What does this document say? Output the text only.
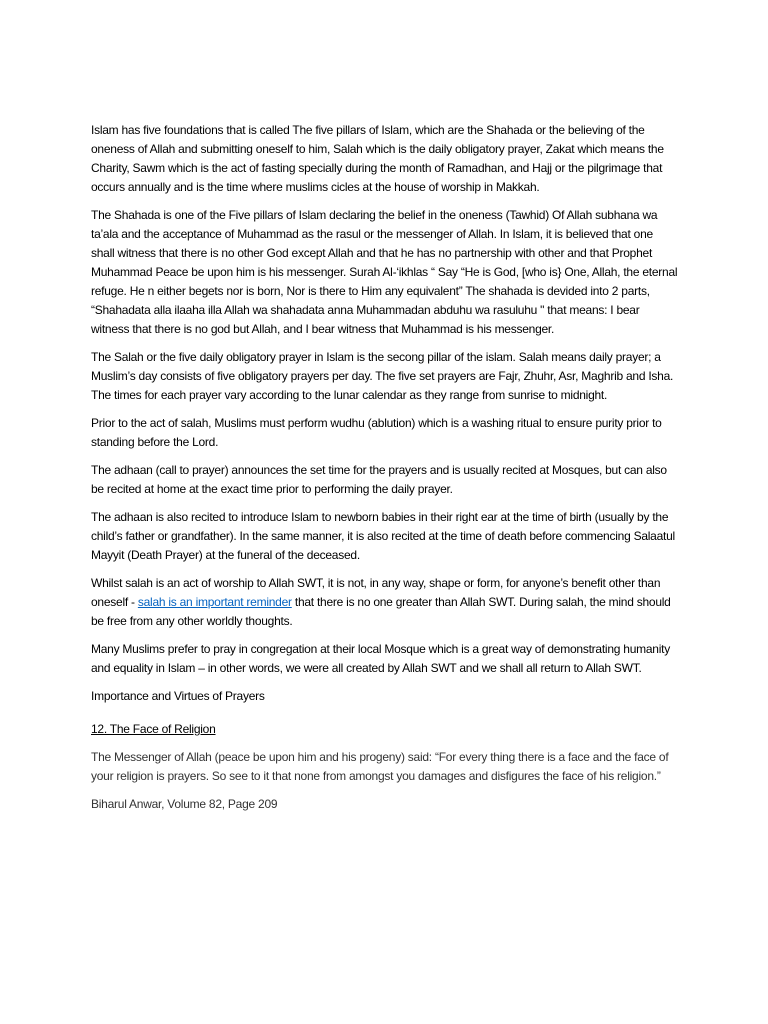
Islam has five foundations that is called The five pillars of Islam, which are the Shahada or the believing of the oneness of Allah and submitting oneself to him, Salah which is the daily obligatory prayer, Zakat which means the Charity, Sawm which is the act of fasting specially during the month of Ramadhan, and Hajj or the pilgrimage that occurs annually and is the time where muslims cicles at the house of worship in Makkah.

The Shahada is one of the Five pillars of Islam declaring the belief in the oneness (Tawhid) Of Allah subhana wa ta’ala and the acceptance of Muhammad as the rasul or the messenger of Allah. In Islam, it is believed that one shall witness that there is no other God except Allah and that he has no partnership with other and that Prophet Muhammad Peace be upon him is his messenger. Surah Al-‘ikhlas “ Say “He is God, [who is} One, Allah, the eternal refuge. He n either begets nor is born, Nor is there to Him any equivalent” The shahada is devided into 2 parts, “Shahadata alla ilaaha illa Allah wa shahadata anna Muhammadan abduhu wa rasuluhu " that means: I bear witness that there is no god but Allah, and I bear witness that Muhammad is his messenger.

The Salah or the five daily obligatory prayer in Islam is the secong pillar of the islam. Salah means daily prayer; a Muslim’s day consists of five obligatory prayers per day. The five set prayers are Fajr, Zhuhr, Asr, Maghrib and Isha. The times for each prayer vary according to the lunar calendar as they range from sunrise to midnight.

Prior to the act of salah, Muslims must perform wudhu (ablution) which is a washing ritual to ensure purity prior to standing before the Lord.

The adhaan (call to prayer) announces the set time for the prayers and is usually recited at Mosques, but can also be recited at home at the exact time prior to performing the daily prayer.

The adhaan is also recited to introduce Islam to newborn babies in their right ear at the time of birth (usually by the child’s father or grandfather). In the same manner, it is also recited at the time of death before commencing Salaatul Mayyit (Death Prayer) at the funeral of the deceased.

Whilst salah is an act of worship to Allah SWT, it is not, in any way, shape or form, for anyone’s benefit other than oneself - salah is an important reminder that there is no one greater than Allah SWT. During salah, the mind should be free from any other worldly thoughts.

Many Muslims prefer to pray in congregation at their local Mosque which is a great way of demonstrating humanity and equality in Islam – in other words, we were all created by Allah SWT and we shall all return to Allah SWT.

Importance and Virtues of Prayers

12. The Face of Religion

The Messenger of Allah (peace be upon him and his progeny) said: “For every thing there is a face and the face of your religion is prayers. So see to it that none from amongst you damages and disfigures the face of his religion.”

Biharul Anwar, Volume 82, Page 209
